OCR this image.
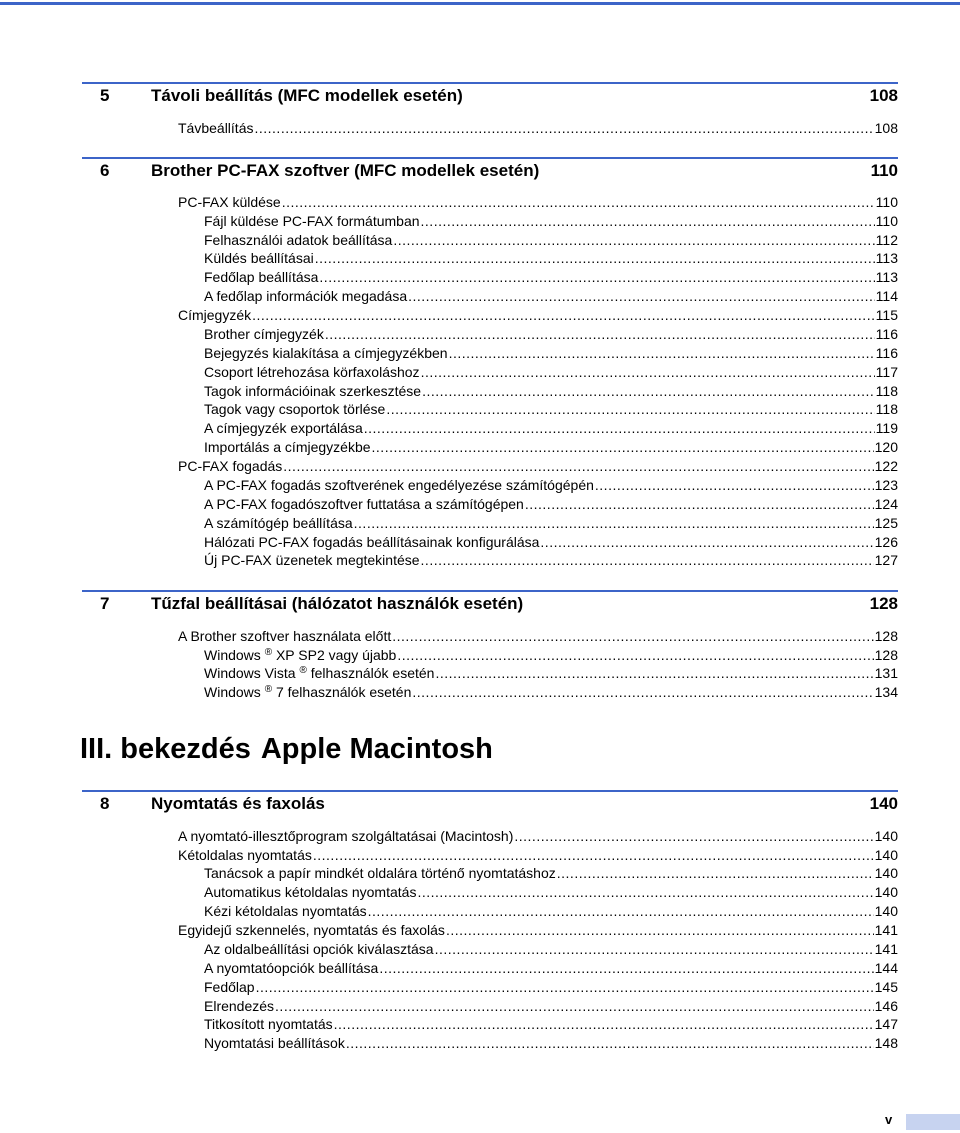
5 Távoli beállítás (MFC modellek esetén)	108
Távbeállítás .....	108
6 Brother PC-FAX szoftver (MFC modellek esetén)	110
PC-FAX küldése .....	110
Fájl küldése PC-FAX formátumban .....	110
Felhasználói adatok beállítása .....	112
Küldés beállításai .....	113
Fedőlap beállítása .....	113
A fedőlap információk megadása .....	114
Címjegyzék .....	115
Brother címjegyzék .....	116
Bejegyzés kialakítása a címjegyzékben .....	116
Csoport létrehozása körfaxoláshoz .....	117
Tagok információinak szerkesztése .....	118
Tagok vagy csoportok törlése .....	118
A címjegyzék exportálása .....	119
Importálás a címjegyzékbe .....	120
PC-FAX fogadás .....	122
A PC-FAX fogadás szoftverének engedélyezése számítógépén .....	123
A PC-FAX fogadószoftver futtatása a számítógépen .....	124
A számítógép beállítása .....	125
Hálózati PC-FAX fogadás beállításainak konfigurálása .....	126
Új PC-FAX üzenetek megtekintése .....	127
7 Tűzfal beállításai (hálózatot használók esetén)	128
A Brother szoftver használata előtt .....	128
Windows ® XP SP2 vagy újabb .....	128
Windows Vista ® felhasználók esetén .....	131
Windows ® 7 felhasználók esetén .....	134
III. bekezdés Apple Macintosh
8 Nyomtatás és faxolás	140
A nyomtató-illesztőprogram szolgáltatásai (Macintosh) .....	140
Kétoldalas nyomtatás .....	140
Tanácsok a papír mindkét oldalára történő nyomtatáshoz .....	140
Automatikus kétoldalas nyomtatás .....	140
Kézi kétoldalas nyomtatás .....	140
Egyidejű szkennelés, nyomtatás és faxolás .....	141
Az oldalbeállítási opciók kiválasztása .....	141
A nyomtatóopciók beállítása .....	144
Fedőlap .....	145
Elrendezés .....	146
Titkosított nyomtatás .....	147
Nyomtatási beállítások .....	148
v
